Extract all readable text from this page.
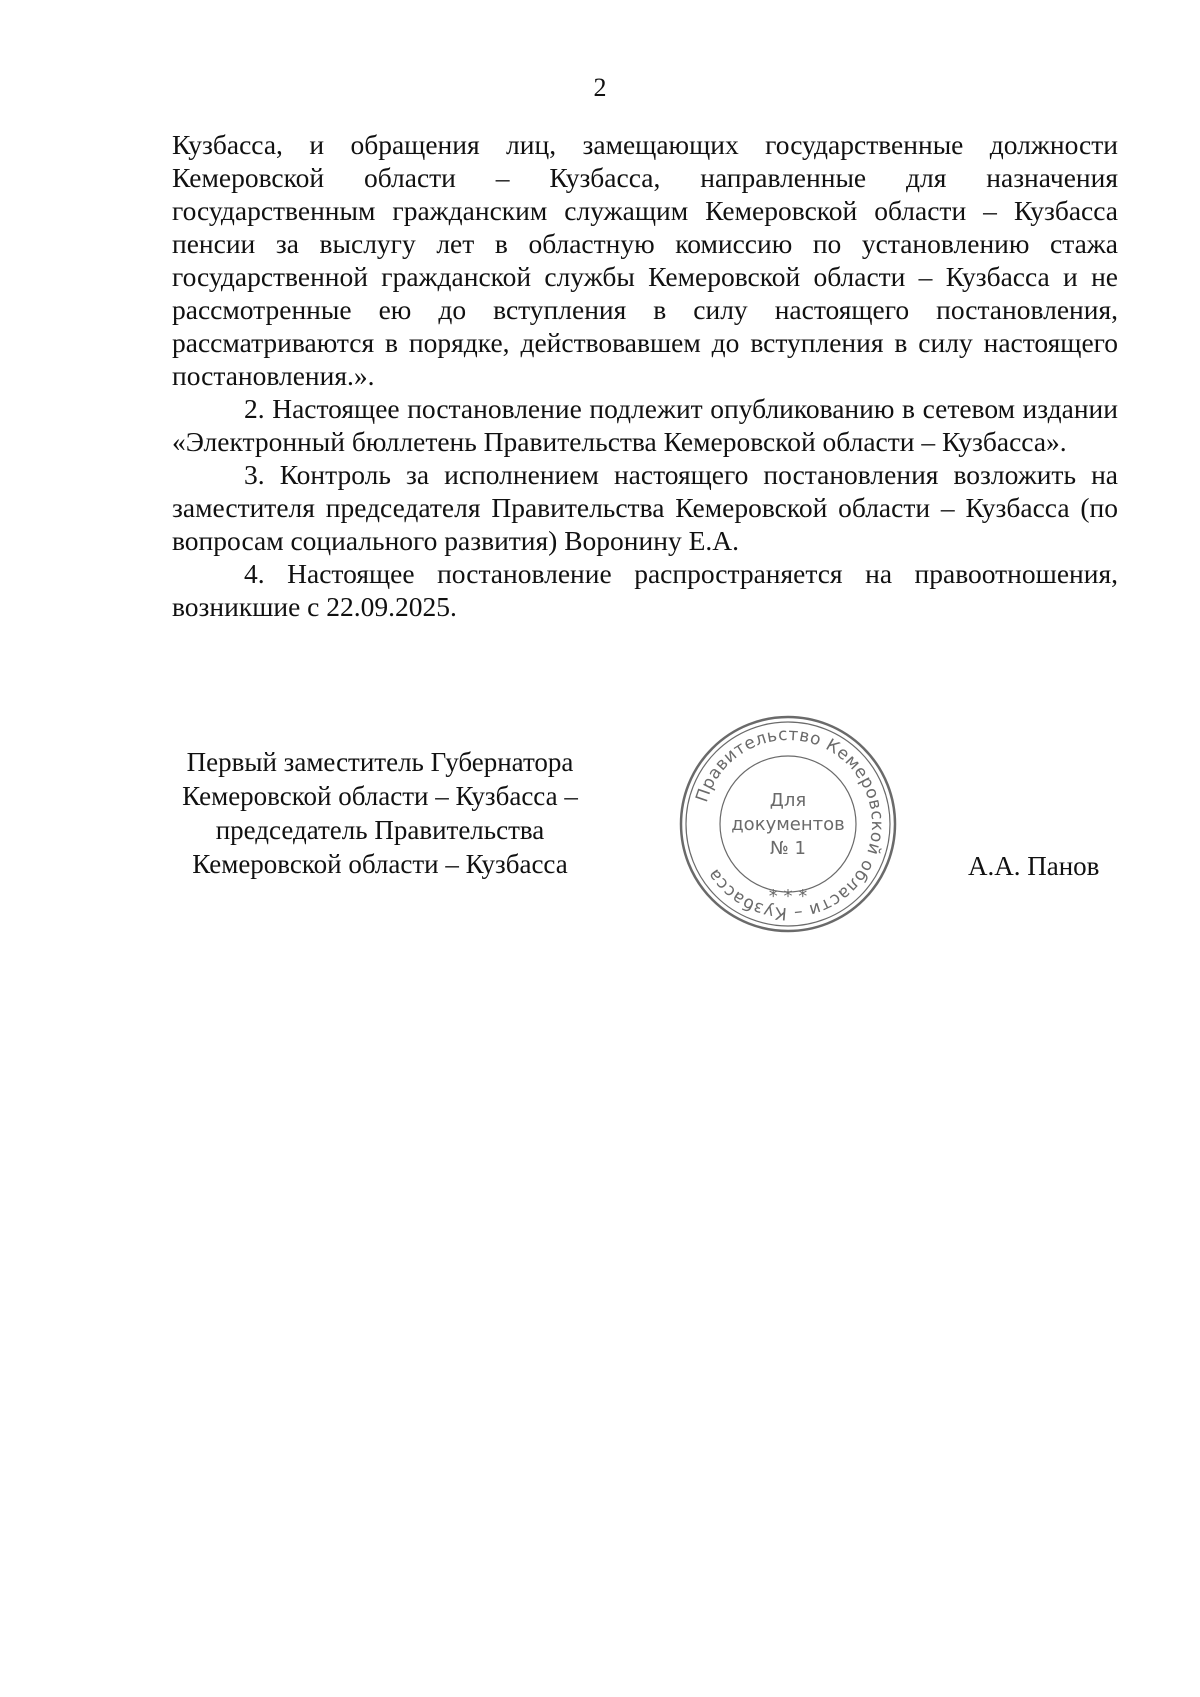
2

Кузбасса, и обращения лиц, замещающих государственные должности Кемеровской области – Кузбасса, направленные для назначения государственным гражданским служащим Кемеровской области – Кузбасса пенсии за выслугу лет в областную комиссию по установлению стажа государственной гражданской службы Кемеровской области – Кузбасса и не рассмотренные ею до вступления в силу настоящего постановления, рассматриваются в порядке, действовавшем до вступления в силу настоящего постановления.».

2. Настоящее постановление подлежит опубликованию в сетевом издании «Электронный бюллетень Правительства Кемеровской области – Кузбасса».

3. Контроль за исполнением настоящего постановления возложить на заместителя председателя Правительства Кемеровской области – Кузбасса (по вопросам социального развития) Воронину Е.А.

4. Настоящее постановление распространяется на правоотношения, возникшие с 22.09.2025.

Первый заместитель Губернатора
Кемеровской области – Кузбасса –
председатель Правительства
Кемеровской области – Кузбасса
Правительство Кемеровской области – Кузбасса
Для
документов
№ 1
* * *
А.А. Панов
